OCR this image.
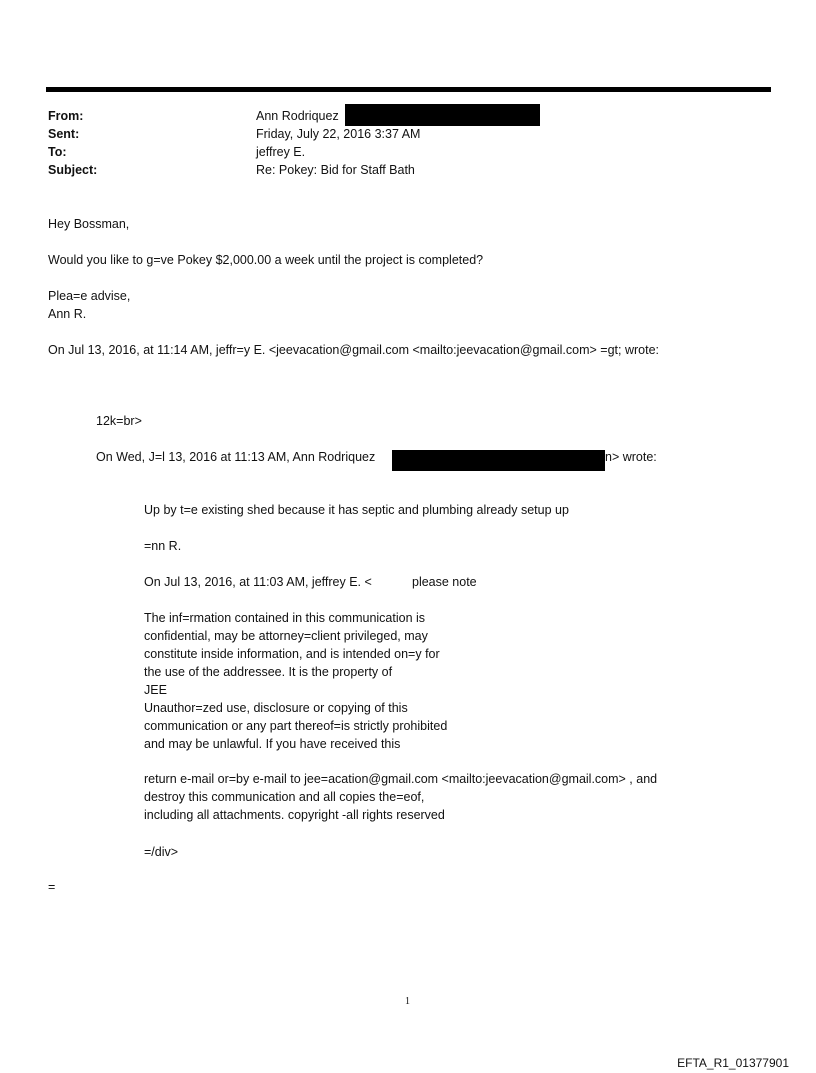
From:	Ann Rodriquez
Sent:	Friday, July 22, 2016 3:37 AM
To:	jeffrey E.
Subject:	Re: Pokey: Bid for Staff Bath
Hey Bossman,
Would you like to g=ve Pokey $2,000.00 a week until the project is completed?
Plea=e advise,
Ann R.
On Jul 13, 2016, at 11:14 AM, jeffr=y E. <jeevacation@gmail.com <mailto:jeevacation@gmail.com> =gt; wrote:
12k=br>
On Wed, J=l 13, 2016 at 11:13 AM, Ann Rodriquez	n> wrote:
Up by t=e existing shed because it has septic and plumbing already setup up
=nn R.
On Jul 13, 2016, at 11:03 AM, jeffrey E. <	please note
The inf=rmation contained in this communication is
confidential, may be attorney=client privileged, may
constitute inside information, and is intended on=y for
the use of the addressee. It is the property of
JEE
Unauthor=zed use, disclosure or copying of this
communication or any part thereof=is strictly prohibited
and may be unlawful. If you have received this
return e-mail or=by e-mail to jee=acation@gmail.com <mailto:jeevacation@gmail.com> , and
destroy this communication and all copies the=eof,
including all attachments. copyright -all rights reserved
=/div>
=
1
EFTA_R1_01377901
